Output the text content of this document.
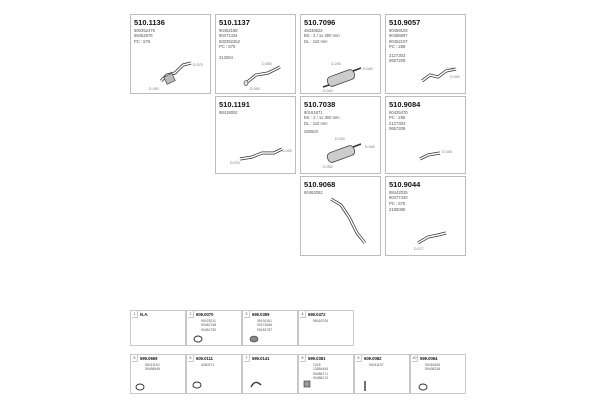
510.1136
500352475
98452878
PC : 875
D.075
D.050
510.1137
90452188
90471334
500352252
PC : 875
212554
D.055
D.050
510.7096
48336822
BS : 2 / 1x 300 mm
DL : 110 mm
D.245
D.040
D.040
510.9057
90459103
90456887
90452107
PC : 288
2127303
0657209
D.45
D.040
510.1191
98419002
D.045
D.075
510.7038
90161871
BS : 2 / 1x 300 mm
DL : 110 mm
280503
D.040
D.045
D.050
510.9084
90425470
PC : 288
2127303
0657209
D.045
510.9068
90462052
510.9044
98442025
90477430
PC : 875
2185085
D.077
1	N.A.	2	609.0070
90478211
90481768
90481790
3	599.0359
09191161
90172666
90181787
4	599.0472
98418704
5	599.0669
98411152
90456549
6	609.0111
4050371
7	599.0141	8	599.0381
1218
12854464
90486171
90486174
9	609.0082
90411197
10 599.0064
90416405
90436236
